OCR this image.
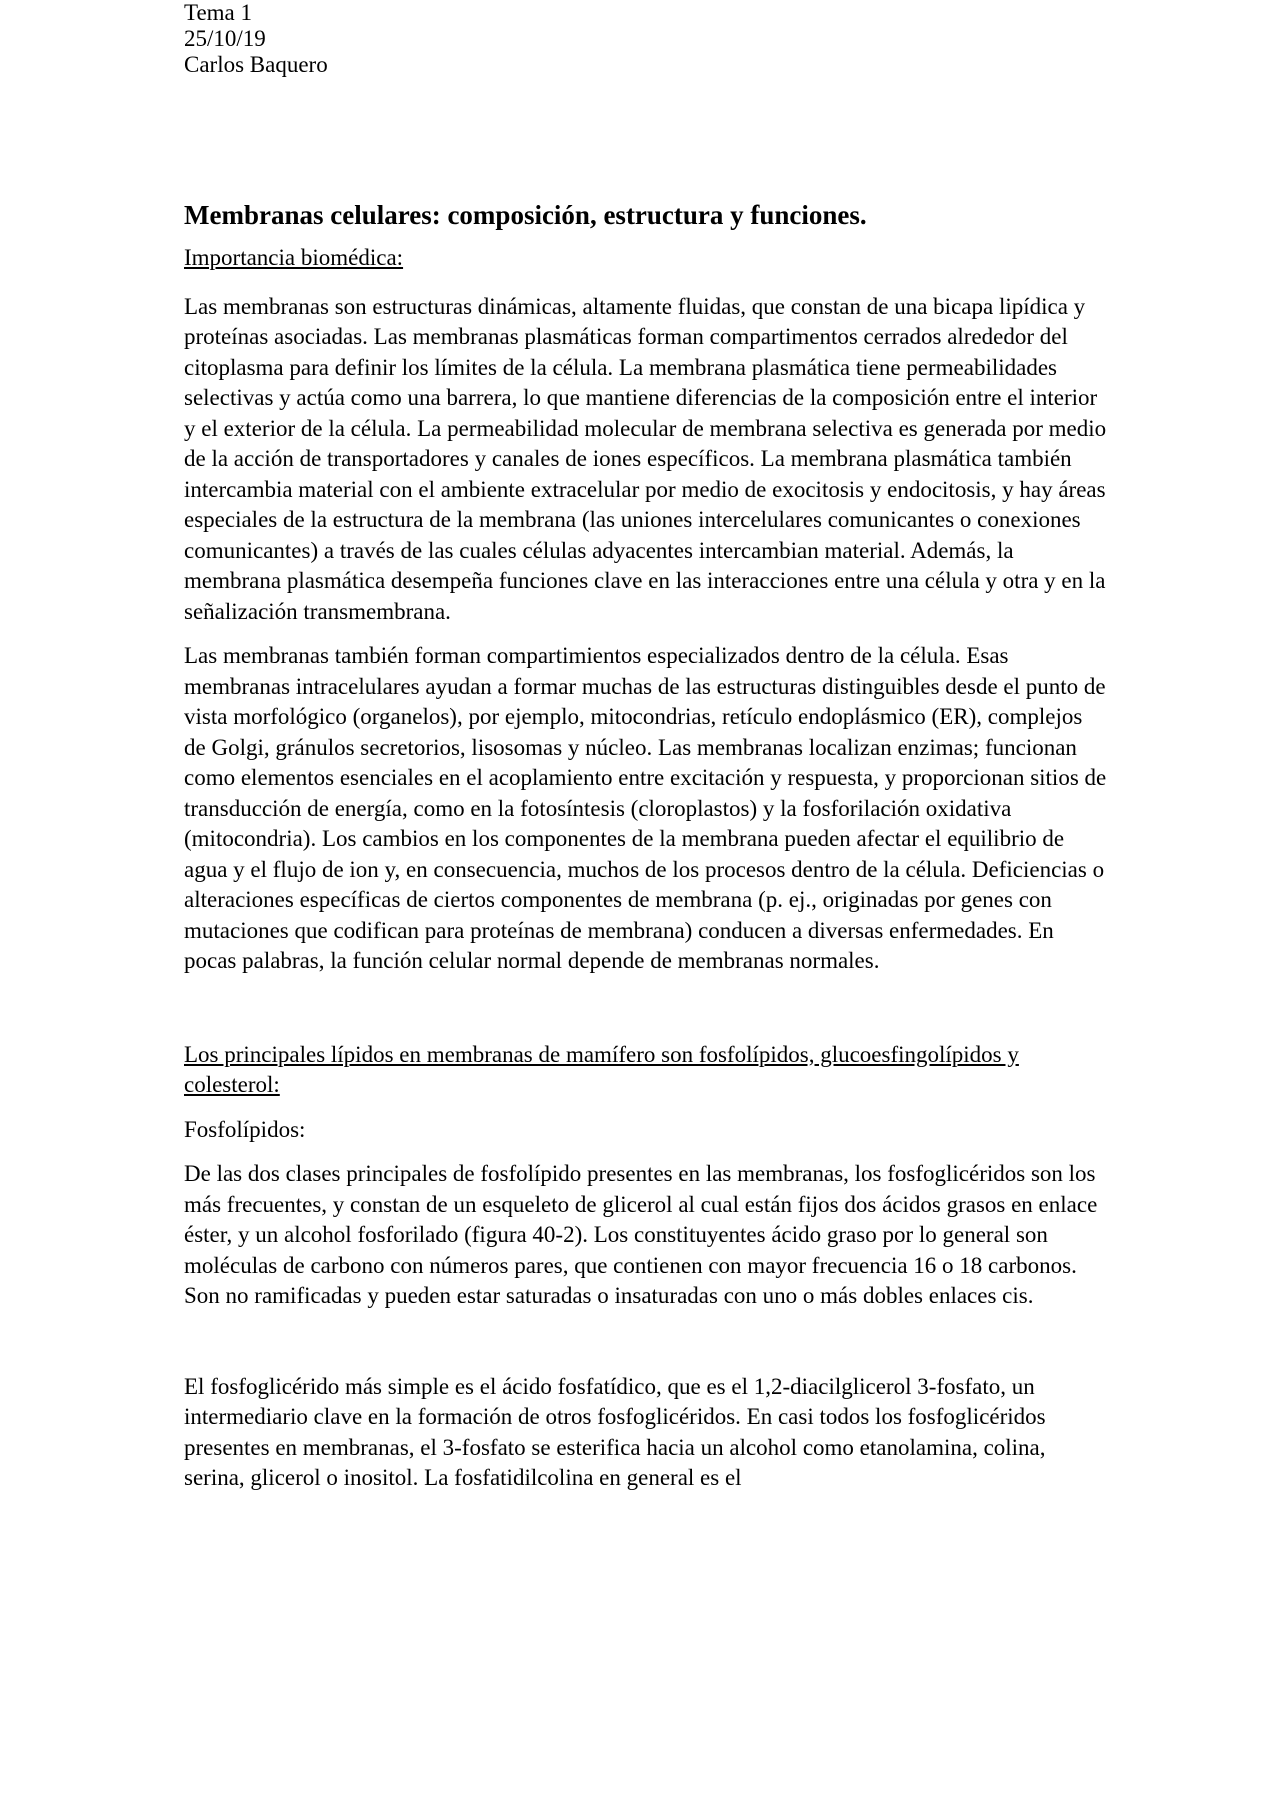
Tema 1
25/10/19
Carlos Baquero
Membranas celulares: composición, estructura y funciones.

Importancia biomédica:

Las membranas son estructuras dinámicas, altamente fluidas, que constan de una bicapa lipídica y proteínas asociadas. Las membranas plasmáticas forman compartimentos cerrados alrededor del citoplasma para definir los límites de la célula. La membrana plasmática tiene permeabilidades selectivas y actúa como una barrera, lo que mantiene diferencias de la composición entre el interior y el exterior de la célula. La permeabilidad molecular de membrana selectiva es generada por medio de la acción de transportadores y canales de iones específicos. La membrana plasmática también intercambia material con el ambiente extracelular por medio de exocitosis y endocitosis, y hay áreas especiales de la estructura de la membrana (las uniones intercelulares comunicantes o conexiones comunicantes) a través de las cuales células adyacentes intercambian material. Además, la membrana plasmática desempeña funciones clave en las interacciones entre una célula y otra y en la señalización transmembrana.

Las membranas también forman compartimientos especializados dentro de la célula. Esas membranas intracelulares ayudan a formar muchas de las estructuras distinguibles desde el punto de vista morfológico (organelos), por ejemplo, mitocondrias, retículo endoplásmico (ER), complejos de Golgi, gránulos secretorios, lisosomas y núcleo. Las membranas localizan enzimas; funcionan como elementos esenciales en el acoplamiento entre excitación y respuesta, y proporcionan sitios de transducción de energía, como en la fotosíntesis (cloroplastos) y la fosforilación oxidativa (mitocondria). Los cambios en los componentes de la membrana pueden afectar el equilibrio de agua y el flujo de ion y, en consecuencia, muchos de los procesos dentro de la célula. Deficiencias o alteraciones específicas de ciertos componentes de membrana (p. ej., originadas por genes con mutaciones que codifican para proteínas de membrana) conducen a diversas enfermedades. En pocas palabras, la función celular normal depende de membranas normales.

Los principales lípidos en membranas de mamífero son fosfolípidos, glucoesfingolípidos y colesterol:

Fosfolípidos:

De las dos clases principales de fosfolípido presentes en las membranas, los fosfoglicéridos son los más frecuentes, y constan de un esqueleto de glicerol al cual están fijos dos ácidos grasos en enlace éster, y un alcohol fosforilado (figura 40-2). Los constituyentes ácido graso por lo general son moléculas de carbono con números pares, que contienen con mayor frecuencia 16 o 18 carbonos. Son no ramificadas y pueden estar saturadas o insaturadas con uno o más dobles enlaces cis.

El fosfoglicérido más simple es el ácido fosfatídico, que es el 1,2-diacilglicerol 3-fosfato, un intermediario clave en la formación de otros fosfoglicéridos. En casi todos los fosfoglicéridos presentes en membranas, el 3-fosfato se esterifica hacia un alcohol como etanolamina, colina, serina, glicerol o inositol. La fosfatidilcolina en general es el
